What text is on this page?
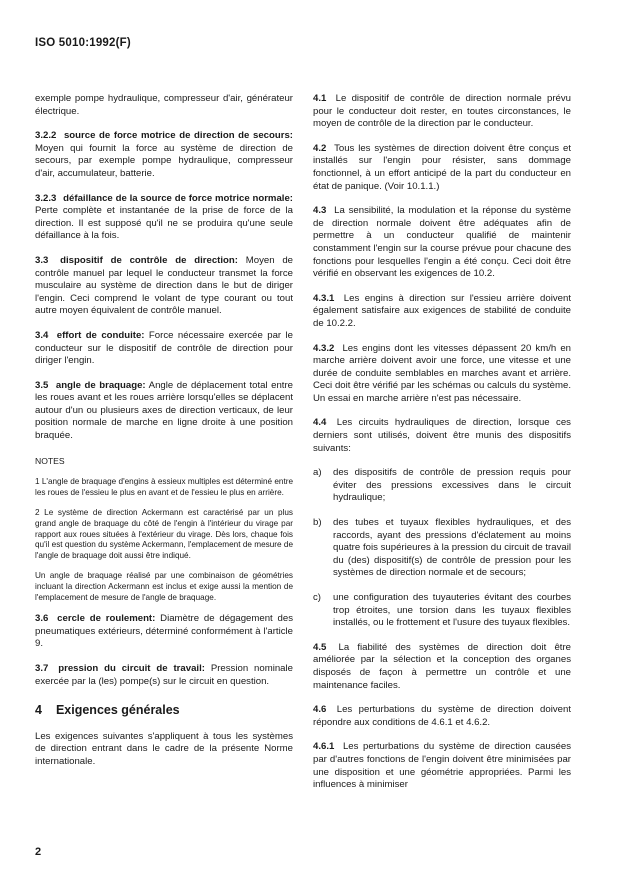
ISO 5010:1992(F)

exemple pompe hydraulique, compresseur d'air, générateur électrique.

3.2.2 source de force motrice de direction de secours: Moyen qui fournit la force au système de direction de secours, par exemple pompe hydraulique, compresseur d'air, accumulateur, batterie.

3.2.3 défaillance de la source de force motrice normale: Perte complète et instantanée de la prise de force de la direction. Il est supposé qu'il ne se produira qu'une seule défaillance à la fois.

3.3 dispositif de contrôle de direction: Moyen de contrôle manuel par lequel le conducteur transmet la force musculaire au système de direction dans le but de diriger l'engin. Ceci comprend le volant de type courant ou tout autre moyen équivalent de contrôle manuel.

3.4 effort de conduite: Force nécessaire exercée par le conducteur sur le dispositif de contrôle de direction pour diriger l'engin.

3.5 angle de braquage: Angle de déplacement total entre les roues avant et les roues arrière lorsqu'elles se déplacent autour d'un ou plusieurs axes de direction verticaux, de leur position normale de marche en ligne droite à une position braquée.

NOTES

1 L'angle de braquage d'engins à essieux multiples est déterminé entre les roues de l'essieu le plus en avant et de l'essieu le plus en arrière.

2 Le système de direction Ackermann est caractérisé par un plus grand angle de braquage du côté de l'engin à l'intérieur du virage par rapport aux roues situées à l'extérieur du virage. Dès lors, chaque fois qu'il est question du système Ackermann, l'emplacement de mesure de l'angle de braquage doit aussi être indiqué.

Un angle de braquage réalisé par une combinaison de géométries incluant la direction Ackermann est inclus et exige aussi la mention de l'emplacement de mesure de l'angle de braquage.

3.6 cercle de roulement: Diamètre de dégagement des pneumatiques extérieurs, déterminé conformément à l'article 9.

3.7 pression du circuit de travail: Pression nominale exercée par la (les) pompe(s) sur le circuit en question.

4 Exigences générales

Les exigences suivantes s'appliquent à tous les systèmes de direction entrant dans le cadre de la présente Norme internationale.

4.1 Le dispositif de contrôle de direction normale prévu pour le conducteur doit rester, en toutes circonstances, le moyen de contrôle de la direction par le conducteur.

4.2 Tous les systèmes de direction doivent être conçus et installés sur l'engin pour résister, sans dommage fonctionnel, à un effort anticipé de la part du conducteur en état de panique. (Voir 10.1.1.)

4.3 La sensibilité, la modulation et la réponse du système de direction normale doivent être adéquates afin de permettre à un conducteur qualifié de maintenir constamment l'engin sur la course prévue pour chacune des fonctions pour lesquelles l'engin a été conçu. Ceci doit être vérifié en observant les exigences de 10.2.

4.3.1 Les engins à direction sur l'essieu arrière doivent également satisfaire aux exigences de stabilité de conduite de 10.2.2.

4.3.2 Les engins dont les vitesses dépassent 20 km/h en marche arrière doivent avoir une force, une vitesse et une durée de conduite semblables en marches avant et arrière. Ceci doit être vérifié par les schémas ou calculs du système. Un essai en marche arrière n'est pas nécessaire.

4.4 Les circuits hydrauliques de direction, lorsque ces derniers sont utilisés, doivent être munis des dispositifs suivants:

a)	des dispositifs de contrôle de pression requis pour éviter des pressions excessives dans le circuit hydraulique;
b)	des tubes et tuyaux flexibles hydrauliques, et des raccords, ayant des pressions d'éclatement au moins quatre fois supérieures à la pression du circuit de travail du (des) dispositif(s) de contrôle de pression pour les systèmes de direction normale et de secours;
c)	une configuration des tuyauteries évitant des courbes trop étroites, une torsion dans les tuyaux flexibles installés, ou le frottement et l'usure des tuyaux flexibles.

4.5 La fiabilité des systèmes de direction doit être améliorée par la sélection et la conception des organes disposés de façon à permettre un contrôle et une maintenance faciles.

4.6 Les perturbations du système de direction doivent répondre aux conditions de 4.6.1 et 4.6.2.

4.6.1 Les perturbations du système de direction causées par d'autres fonctions de l'engin doivent être minimisées par une disposition et une géométrie appropriées. Parmi les influences à minimiser

2
